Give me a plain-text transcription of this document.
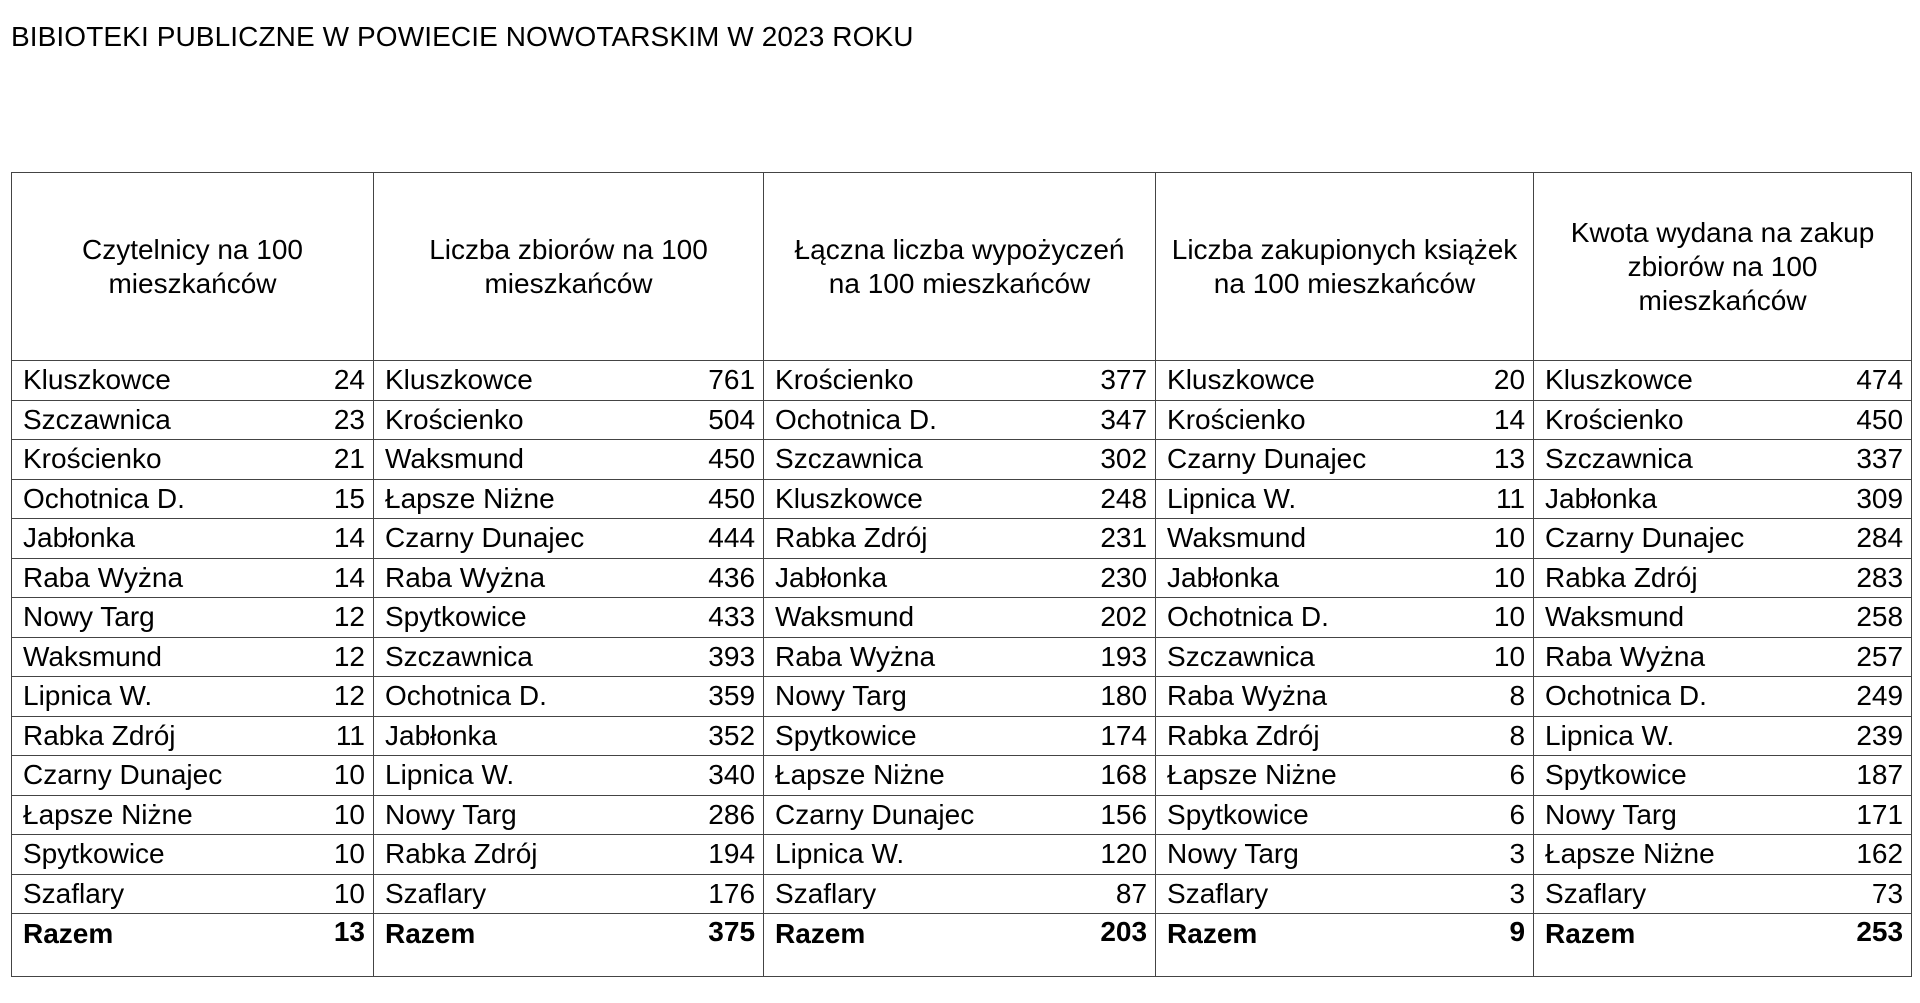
BIBIOTEKI PUBLICZNE W POWIECIE NOWOTARSKIM W 2023 ROKU
Czytelnicy na 100 mieszkańców		Liczba zbiorów na 100 mieszkańców		Łączna liczba wypożyczeń na 100 mieszkańców		Liczba zakupionych książek na 100 mieszkańców		Kwota wydana na zakup zbiorów na 100 mieszkańców	
Kluszkowce	24	Kluszkowce	761	Krościenko	377	Kluszkowce	20	Kluszkowce	474
Szczawnica	23	Krościenko	504	Ochotnica D.	347	Krościenko	14	Krościenko	450
Krościenko	21	Waksmund	450	Szczawnica	302	Czarny Dunajec	13	Szczawnica	337
Ochotnica D.	15	Łapsze Niżne	450	Kluszkowce	248	Lipnica W.	11	Jabłonka	309
Jabłonka	14	Czarny Dunajec	444	Rabka Zdrój	231	Waksmund	10	Czarny Dunajec	284
Raba Wyżna	14	Raba Wyżna	436	Jabłonka	230	Jabłonka	10	Rabka Zdrój	283
Nowy Targ	12	Spytkowice	433	Waksmund	202	Ochotnica D.	10	Waksmund	258
Waksmund	12	Szczawnica	393	Raba Wyżna	193	Szczawnica	10	Raba Wyżna	257
Lipnica W.	12	Ochotnica D.	359	Nowy Targ	180	Raba Wyżna	8	Ochotnica D.	249
Rabka Zdrój	11	Jabłonka	352	Spytkowice	174	Rabka Zdrój	8	Lipnica W.	239
Czarny Dunajec	10	Lipnica W.	340	Łapsze Niżne	168	Łapsze Niżne	6	Spytkowice	187
Łapsze Niżne	10	Nowy Targ	286	Czarny Dunajec	156	Spytkowice	6	Nowy Targ	171
Spytkowice	10	Rabka Zdrój	194	Lipnica W.	120	Nowy Targ	3	Łapsze Niżne	162
Szaflary	10	Szaflary	176	Szaflary	87	Szaflary	3	Szaflary	73
Razem	13	Razem	375	Razem	203	Razem	9	Razem	253
